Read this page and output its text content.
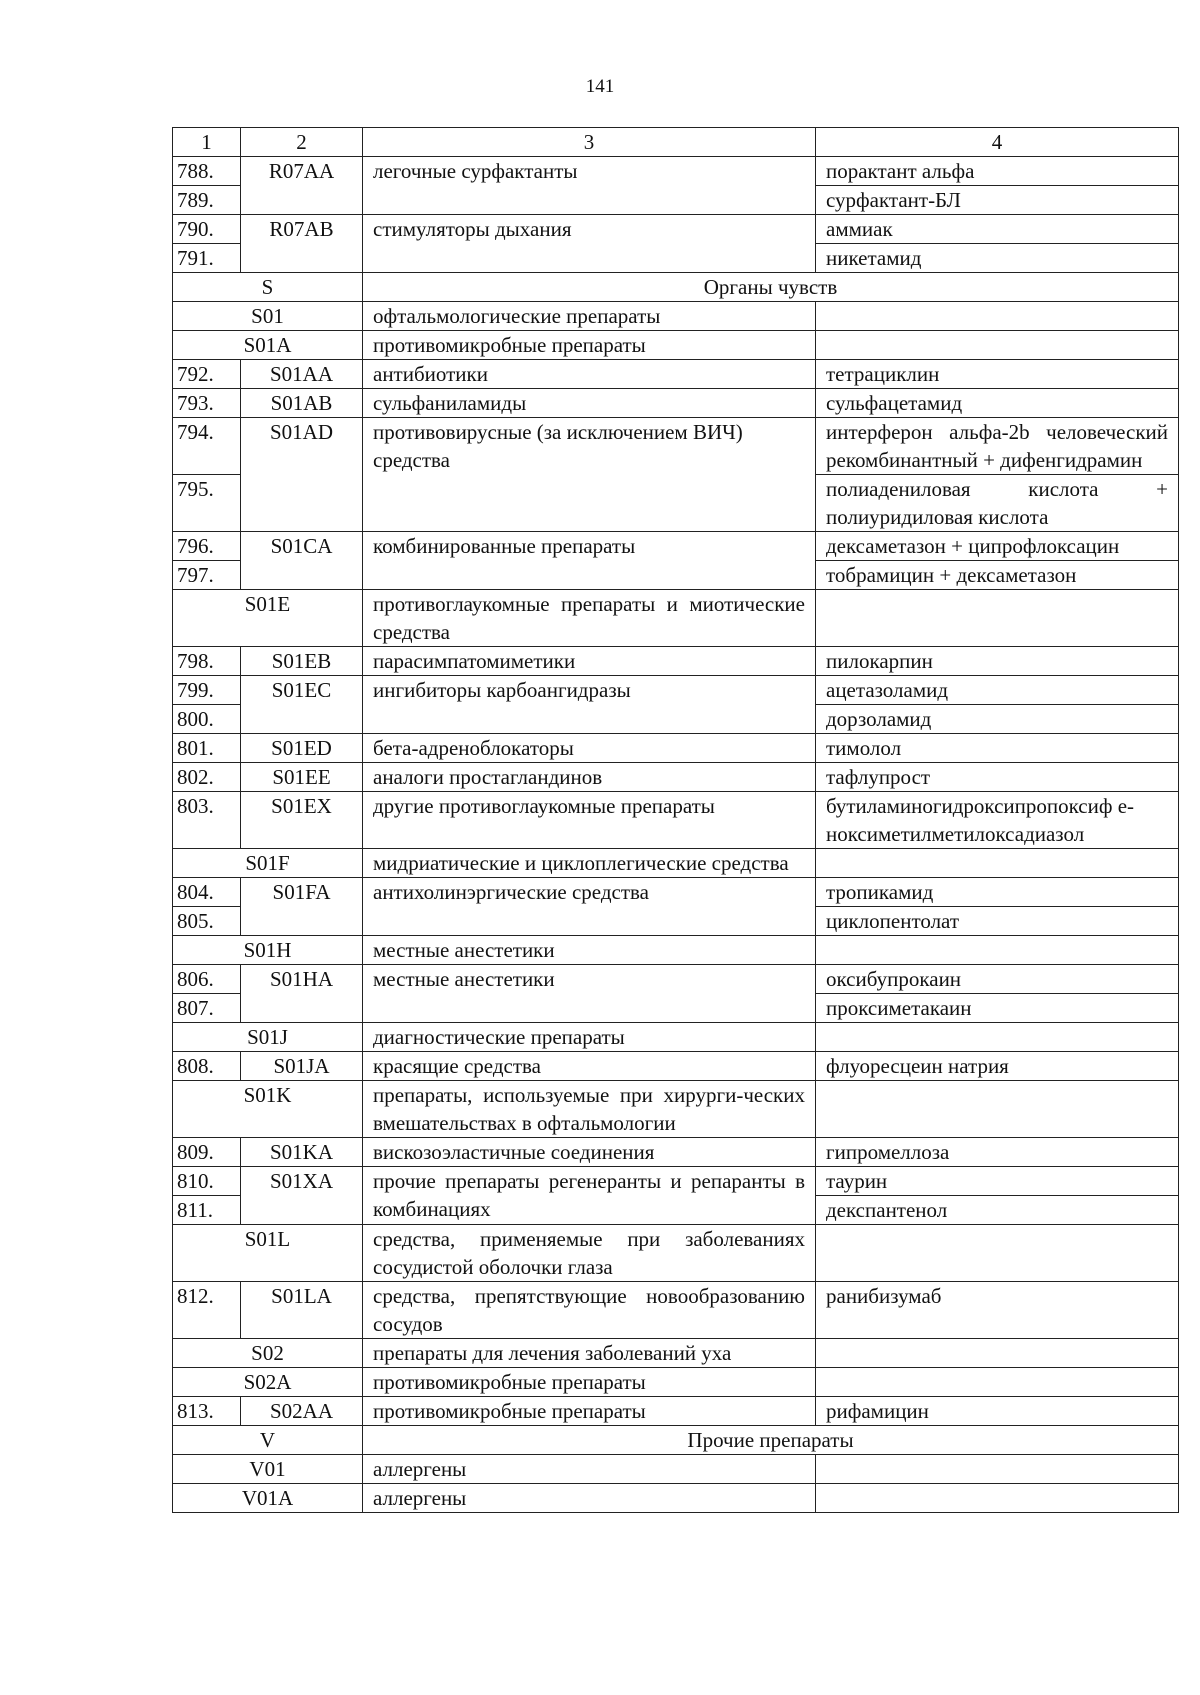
141
1	2	3	4
788.	R07AA	легочные сурфактанты	порактант альфа
789.			сурфактант-БЛ
790.	R07AB	стимуляторы дыхания	аммиак
791.			никетамид
S		Органы чувств	
S01		офтальмологические препараты	
S01A		противомикробные препараты	
792.	S01AA	антибиотики	тетрациклин
793.	S01AB	сульфаниламиды	сульфацетамид
794.	S01AD	противовирусные (за исключением ВИЧ) средства	интерферон альфа-2b человеческий рекомбинантный + дифенгидрамин
795.			полиадениловая кислота + полиуридиловая кислота
796.	S01CA	комбинированные препараты	дексаметазон + ципрофлоксацин
797.			тобрамицин + дексаметазон
S01E		противоглаукомные препараты и миотические средства	
798.	S01EB	парасимпатомиметики	пилокарпин
799.	S01EC	ингибиторы карбоангидразы	ацетазоламид
800.			дорзоламид
801.	S01ED	бета-адреноблокаторы	тимолол
802.	S01EE	аналоги простагландинов	тафлупрост
803.	S01EX	другие противоглаукомные препараты	бутиламиногидроксипропоксиф е-ноксиметилметилоксадиазол
S01F		мидриатические и циклоплегические средства	
804.	S01FA	антихолинэргические средства	тропикамид
805.			циклопентолат
S01H		местные анестетики	
806.	S01HA	местные анестетики	оксибупрокаин
807.			проксиметакаин
S01J		диагностические препараты	
808.	S01JA	красящие средства	флуоресцеин натрия
S01K		препараты, используемые при хирурги-ческих вмешательствах в офтальмологии	
809.	S01KA	вискозоэластичные соединения	гипромеллоза
810.	S01XA	прочие препараты регенеранты и репаранты в комбинациях	таурин
811.			декспантенол
S01L		средства, применяемые при заболеваниях сосудистой оболочки глаза	
812.	S01LA	средства, препятствующие новообразованию сосудов	ранибизумаб
S02		препараты для лечения заболеваний уха	
S02A		противомикробные препараты	
813.	S02AA	противомикробные препараты	рифамицин
V		Прочие препараты	
V01		аллергены	
V01A		аллергены	
